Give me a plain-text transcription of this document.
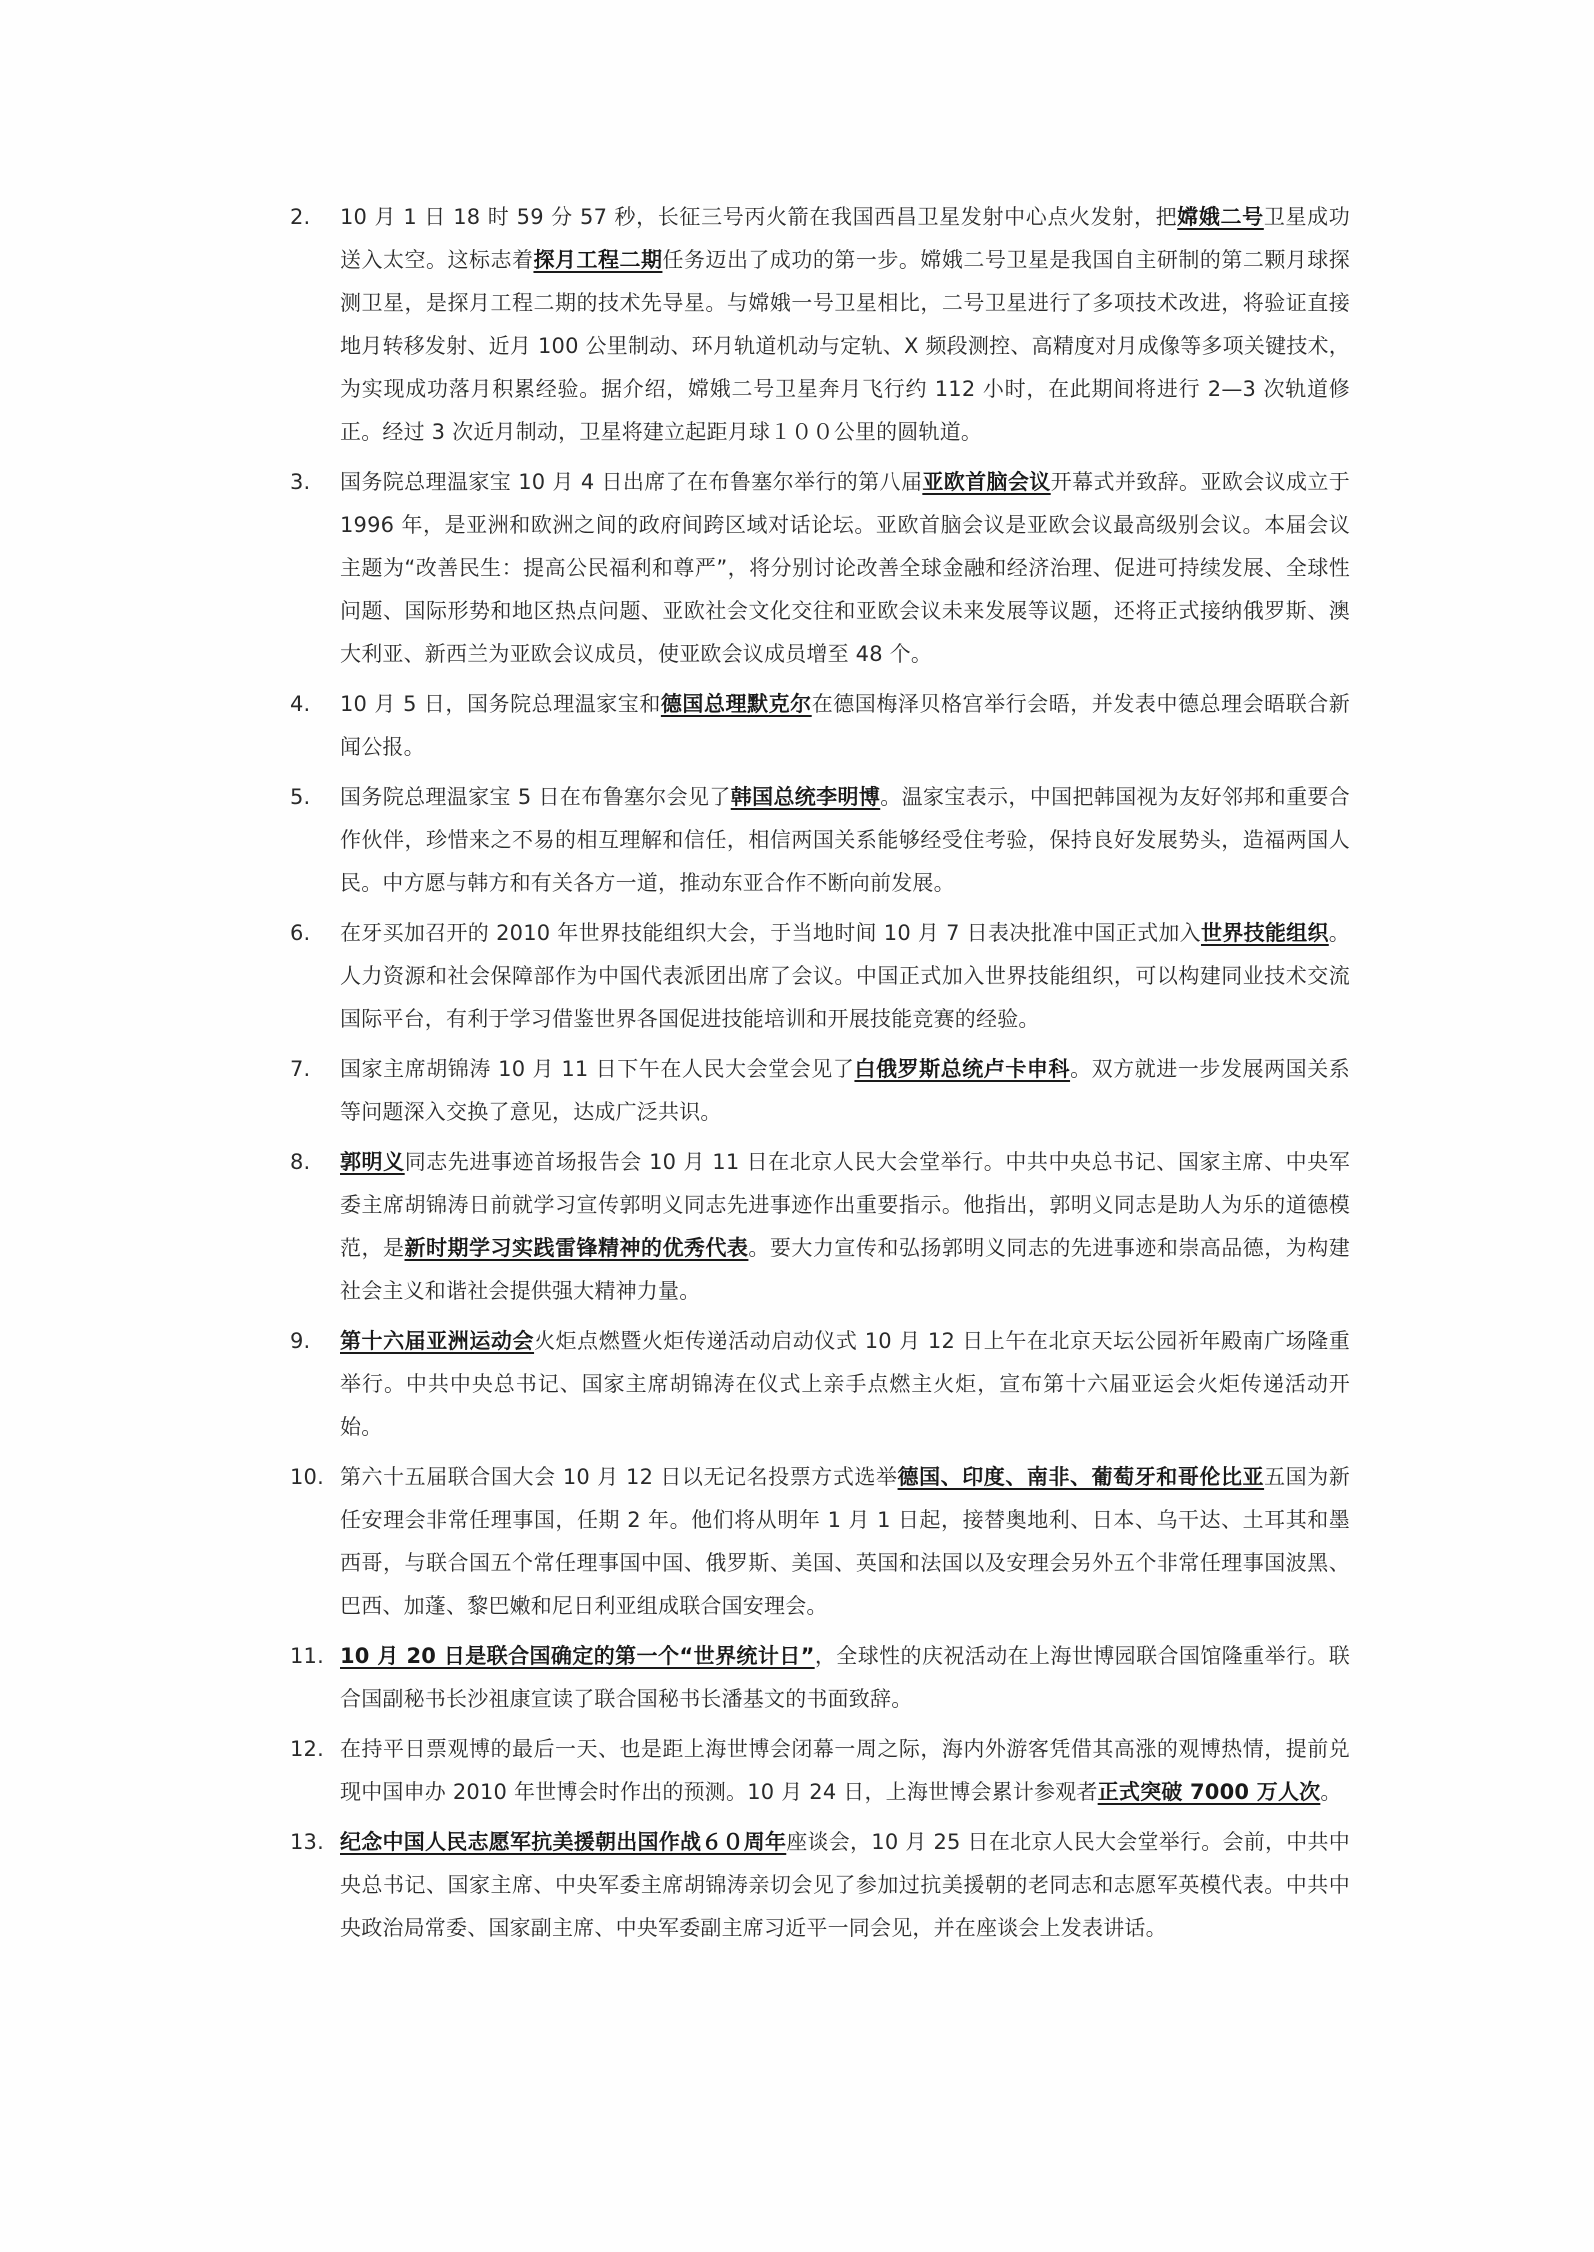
2.	10 月 1 日 18 时 59 分 57 秒，长征三号丙火箭在我国西昌卫星发射中心点火发射，把嫦娥二号卫星成功送入太空。这标志着探月工程二期任务迈出了成功的第一步。嫦娥二号卫星是我国自主研制的第二颗月球探测卫星，是探月工程二期的技术先导星。与嫦娥一号卫星相比，二号卫星进行了多项技术改进，将验证直接地月转移发射、近月 100 公里制动、环月轨道机动与定轨、X 频段测控、高精度对月成像等多项关键技术，为实现成功落月积累经验。据介绍，嫦娥二号卫星奔月飞行约 112 小时，在此期间将进行 2—3 次轨道修正。经过 3 次近月制动，卫星将建立起距月球１００公里的圆轨道。
3.	国务院总理温家宝 10 月 4 日出席了在布鲁塞尔举行的第八届亚欧首脑会议开幕式并致辞。亚欧会议成立于 1996 年，是亚洲和欧洲之间的政府间跨区域对话论坛。亚欧首脑会议是亚欧会议最高级别会议。本届会议主题为“改善民生：提高公民福利和尊严”，将分别讨论改善全球金融和经济治理、促进可持续发展、全球性问题、国际形势和地区热点问题、亚欧社会文化交往和亚欧会议未来发展等议题，还将正式接纳俄罗斯、澳大利亚、新西兰为亚欧会议成员，使亚欧会议成员增至 48 个。
4.	10 月 5 日，国务院总理温家宝和德国总理默克尔在德国梅泽贝格宫举行会晤，并发表中德总理会晤联合新闻公报。
5.	国务院总理温家宝 5 日在布鲁塞尔会见了韩国总统李明博。温家宝表示，中国把韩国视为友好邻邦和重要合作伙伴，珍惜来之不易的相互理解和信任，相信两国关系能够经受住考验，保持良好发展势头，造福两国人民。中方愿与韩方和有关各方一道，推动东亚合作不断向前发展。
6.	在牙买加召开的 2010 年世界技能组织大会，于当地时间 10 月 7 日表决批准中国正式加入世界技能组织。人力资源和社会保障部作为中国代表派团出席了会议。中国正式加入世界技能组织，可以构建同业技术交流国际平台，有利于学习借鉴世界各国促进技能培训和开展技能竞赛的经验。
7.	国家主席胡锦涛 10 月 11 日下午在人民大会堂会见了白俄罗斯总统卢卡申科。双方就进一步发展两国关系等问题深入交换了意见，达成广泛共识。
8.	郭明义同志先进事迹首场报告会 10 月 11 日在北京人民大会堂举行。中共中央总书记、国家主席、中央军委主席胡锦涛日前就学习宣传郭明义同志先进事迹作出重要指示。他指出，郭明义同志是助人为乐的道德模范，是新时期学习实践雷锋精神的优秀代表。要大力宣传和弘扬郭明义同志的先进事迹和崇高品德，为构建社会主义和谐社会提供强大精神力量。
9.	第十六届亚洲运动会火炬点燃暨火炬传递活动启动仪式 10 月 12 日上午在北京天坛公园祈年殿南广场隆重举行。中共中央总书记、国家主席胡锦涛在仪式上亲手点燃主火炬，宣布第十六届亚运会火炬传递活动开始。
10. 第六十五届联合国大会 10 月 12 日以无记名投票方式选举德国、印度、南非、葡萄牙和哥伦比亚五国为新任安理会非常任理事国，任期 2 年。他们将从明年 1 月 1 日起，接替奥地利、日本、乌干达、土耳其和墨西哥，与联合国五个常任理事国中国、俄罗斯、美国、英国和法国以及安理会另外五个非常任理事国波黑、巴西、加蓬、黎巴嫩和尼日利亚组成联合国安理会。
11. 10 月 20 日是联合国确定的第一个“世界统计日”，全球性的庆祝活动在上海世博园联合国馆隆重举行。联合国副秘书长沙祖康宣读了联合国秘书长潘基文的书面致辞。
12. 在持平日票观博的最后一天、也是距上海世博会闭幕一周之际，海内外游客凭借其高涨的观博热情，提前兑现中国申办 2010 年世博会时作出的预测。10 月 24 日，上海世博会累计参观者正式突破 7000 万人次。
13. 纪念中国人民志愿军抗美援朝出国作战６０周年座谈会，10 月 25 日在北京人民大会堂举行。会前，中共中央总书记、国家主席、中央军委主席胡锦涛亲切会见了参加过抗美援朝的老同志和志愿军英模代表。中共中央政治局常委、国家副主席、中央军委副主席习近平一同会见，并在座谈会上发表讲话。
